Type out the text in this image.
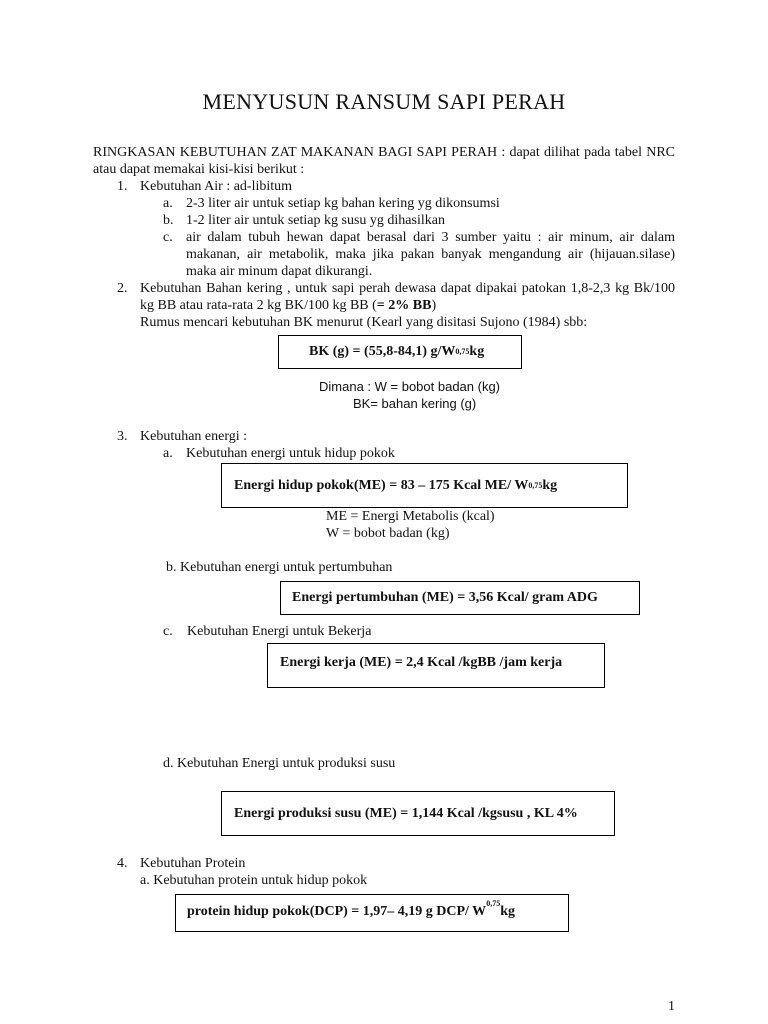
MENYUSUN RANSUM SAPI PERAH
RINGKASAN KEBUTUHAN ZAT MAKANAN BAGI SAPI PERAH : dapat dilihat pada tabel NRC atau dapat memakai kisi-kisi berikut :
1. Kebutuhan Air : ad-libitum
a. 2-3 liter air untuk setiap kg bahan kering yg dikonsumsi
b. 1-2 liter air untuk setiap kg susu yg dihasilkan
c. air dalam tubuh hewan dapat berasal dari 3 sumber yaitu : air minum, air dalam makanan, air metabolik, maka jika pakan banyak mengandung air (hijauan.silase) maka air minum dapat dikurangi.
2. Kebutuhan Bahan kering , untuk sapi perah dewasa dapat dipakai patokan 1,8-2,3 kg Bk/100 kg BB atau rata-rata 2 kg BK/100 kg BB (= 2% BB)
Rumus mencari kebutuhan BK menurut (Kearl yang disitasi Sujono (1984) sbb:
BK (g) = (55,8-84,1) g/W 0,75 kg
Dimana : W = bobot badan (kg)
BK= bahan kering (g)
3. Kebutuhan energi :
a. Kebutuhan energi untuk hidup pokok
Energi hidup pokok(ME) = 83 – 175 Kcal ME/ W 0,75 kg
ME = Energi Metabolis (kcal)
W = bobot badan (kg)
b. Kebutuhan energi untuk pertumbuhan
Energi pertumbuhan (ME) = 3,56 Kcal/ gram ADG
c. Kebutuhan Energi untuk Bekerja
Energi kerja (ME) = 2,4 Kcal /kgBB /jam kerja
d. Kebutuhan Energi untuk produksi susu
Energi produksi susu (ME) = 1,144 Kcal /kgsusu , KL 4%
4. Kebutuhan Protein
a. Kebutuhan protein untuk hidup pokok
protein hidup pokok(DCP) = 1,97– 4,19 g DCP/ W
0,75
kg
1
